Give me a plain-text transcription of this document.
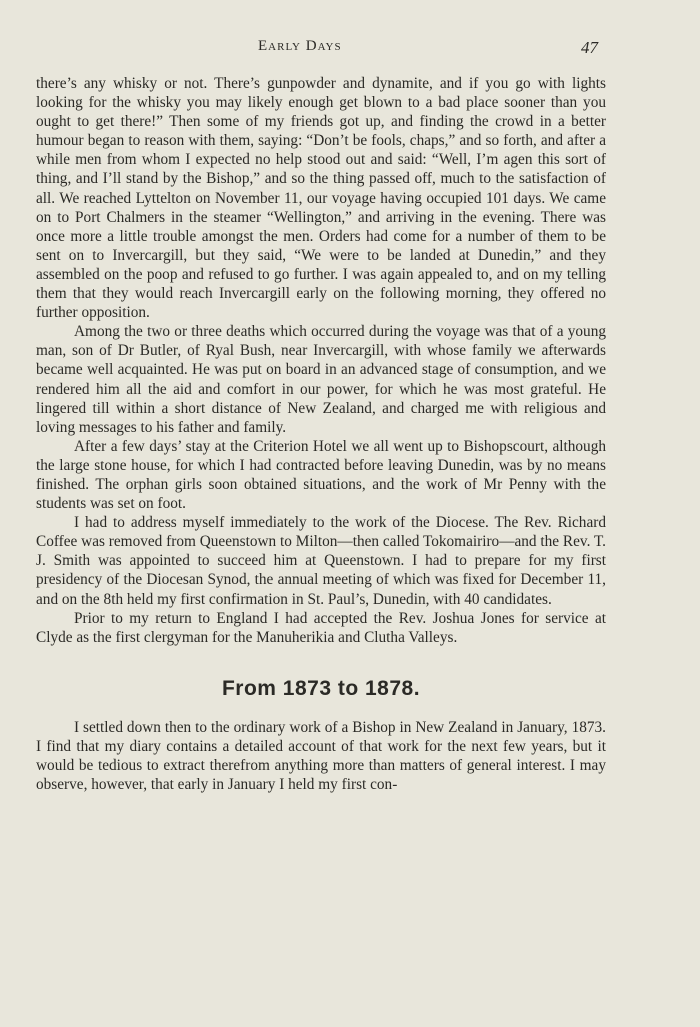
Early Days	47

there’s any whisky or not. There’s gunpowder and dynamite, and if you go with lights looking for the whisky you may likely enough get blown to a bad place sooner than you ought to get there!” Then some of my friends got up, and finding the crowd in a better humour began to reason with them, saying: “Don’t be fools, chaps,” and so forth, and after a while men from whom I expected no help stood out and said: “Well, I’m agen this sort of thing, and I’ll stand by the Bishop,” and so the thing passed off, much to the satisfaction of all. We reached Lyttelton on November 11, our voyage having occupied 101 days. We came on to Port Chalmers in the steamer “Wellington,” and arriving in the evening. There was once more a little trouble amongst the men. Orders had come for a number of them to be sent on to Invercargill, but they said, “We were to be landed at Dunedin,” and they assembled on the poop and refused to go further. I was again appealed to, and on my telling them that they would reach Invercargill early on the following morning, they offered no further opposition.

Among the two or three deaths which occurred during the voyage was that of a young man, son of Dr Butler, of Ryal Bush, near Invercargill, with whose family we afterwards became well acquainted. He was put on board in an advanced stage of consumption, and we rendered him all the aid and comfort in our power, for which he was most grateful. He lingered till within a short distance of New Zealand, and charged me with religious and loving messages to his father and family.

After a few days’ stay at the Criterion Hotel we all went up to Bishopscourt, although the large stone house, for which I had contracted before leaving Dunedin, was by no means finished. The orphan girls soon obtained situations, and the work of Mr Penny with the students was set on foot.

I had to address myself immediately to the work of the Diocese. The Rev. Richard Coffee was removed from Queenstown to Milton—then called Tokomairiro—and the Rev. T. J. Smith was appointed to succeed him at Queenstown. I had to prepare for my first presidency of the Diocesan Synod, the annual meeting of which was fixed for December 11, and on the 8th held my first confirmation in St. Paul’s, Dunedin, with 40 candidates.

Prior to my return to England I had accepted the Rev. Joshua Jones for service at Clyde as the first clergyman for the Manuherikia and Clutha Valleys.

From 1873 to 1878.

I settled down then to the ordinary work of a Bishop in New Zealand in January, 1873. I find that my diary contains a detailed account of that work for the next few years, but it would be tedious to extract therefrom anything more than matters of general interest. I may observe, however, that early in January I held my first con-
